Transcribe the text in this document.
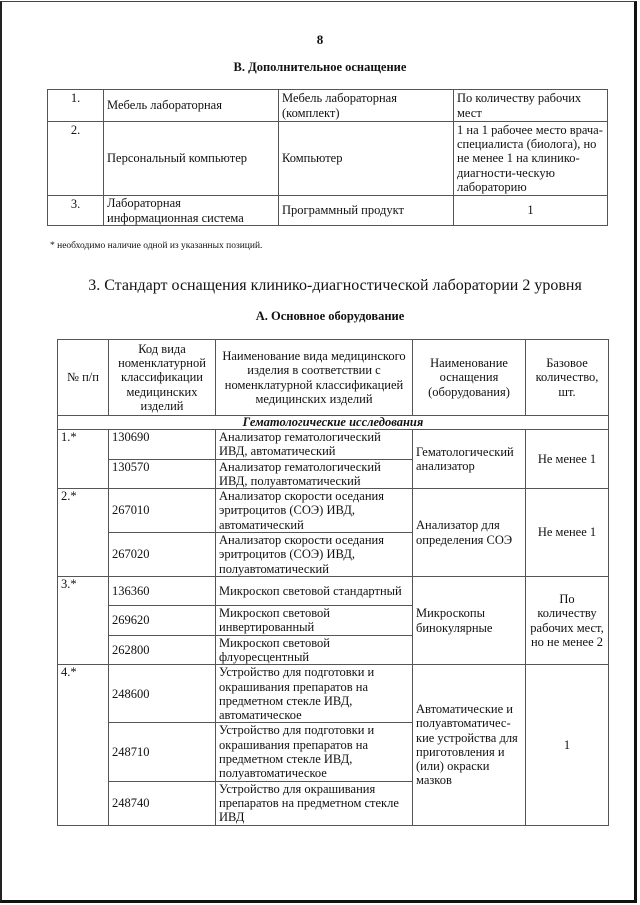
8
В. Дополнительное оснащение
1.	Мебель лабораторная	Мебель лабораторная (комплект)	По количеству рабочих мест
2.	Персональный компьютер	Компьютер	1 на 1 рабочее место врача-специалиста (биолога), но не менее 1 на клинико-диагности-ческую лабораторию
3.	Лабораторная информационная система	Программный продукт	1
* необходимо наличие одной из указанных позиций.
3. Стандарт оснащения клинико-диагностической лаборатории 2 уровня
А. Основное оборудование
№ п/п	Код вида номенклатурной классификации медицинских изделий	Наименование вида медицинского изделия в соответствии с номенклатурной классификацией медицинских изделий	Наименование оснащения (оборудования)	Базовое количество, шт.
Гематологические исследования				
1.*	130690	Анализатор гематологический ИВД, автоматический	Гематологический анализатор	Не менее 1
	130570	Анализатор гематологический ИВД, полуавтоматический		
2.*	267010	Анализатор скорости оседания эритроцитов (СОЭ) ИВД, автоматический	Анализатор для определения СОЭ	Не менее 1
	267020	Анализатор скорости оседания эритроцитов (СОЭ) ИВД, полуавтоматический		
3.*	136360	Микроскоп световой стандартный	Микроскопы бинокулярные	По количеству рабочих мест, но не менее 2
	269620	Микроскоп световой инвертированный		
	262800	Микроскоп световой флуоресцентный		
4.*	248600	Устройство для подготовки и окрашивания препаратов на предметном стекле ИВД, автоматическое	Автоматические и полуавтоматичес-кие устройства для приготовления и (или) окраски мазков	1
	248710	Устройство для подготовки и окрашивания препаратов на предметном стекле ИВД, полуавтоматическое		
	248740	Устройство для окрашивания препаратов на предметном стекле ИВД		
